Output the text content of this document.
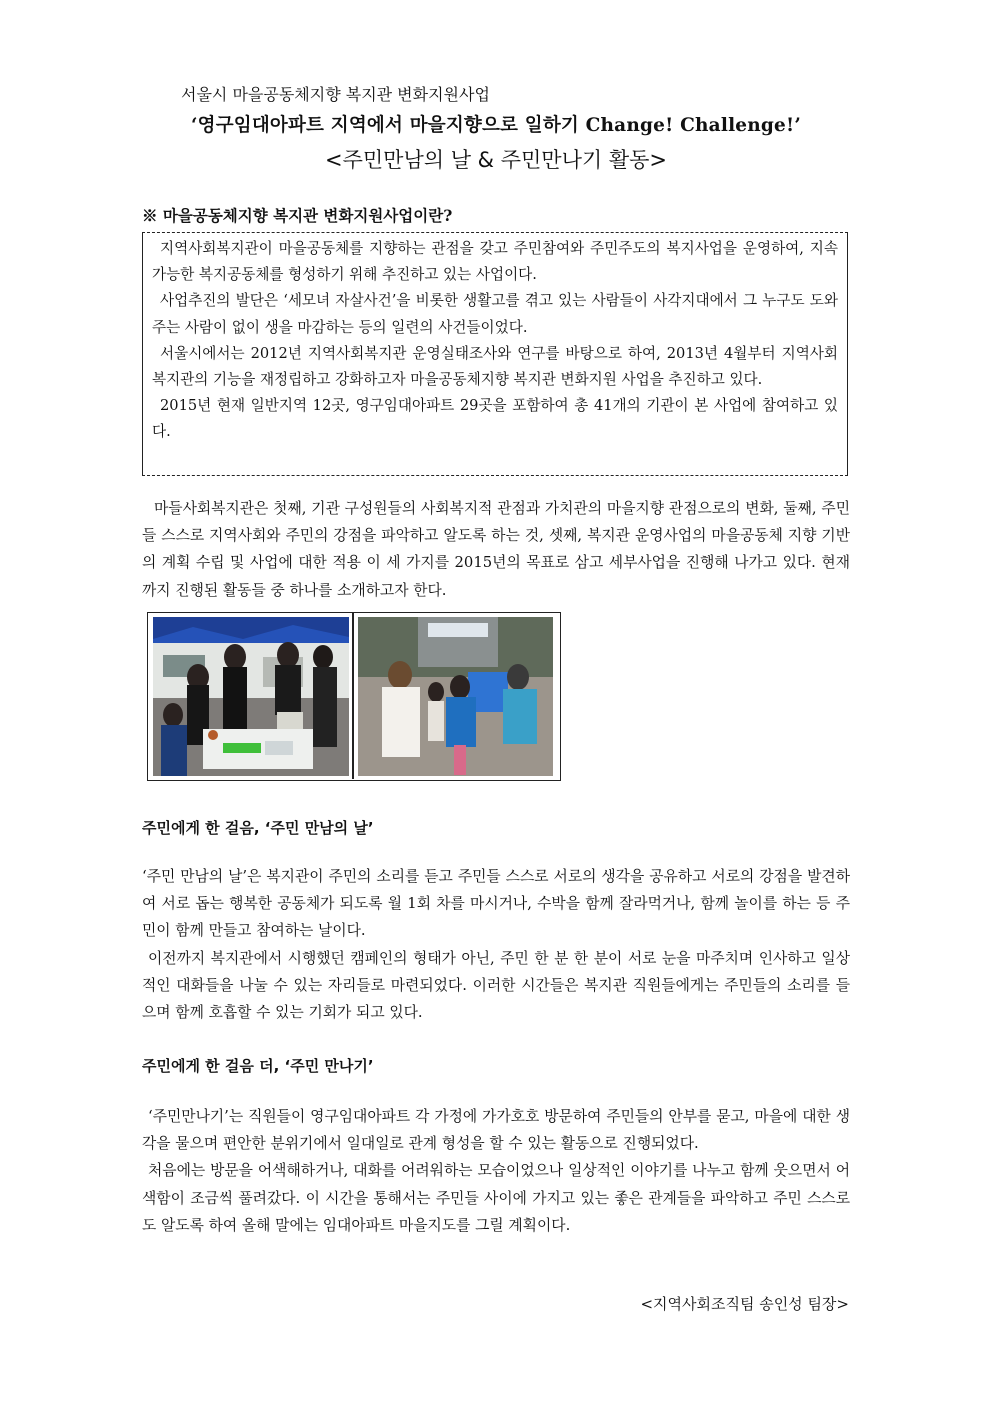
서울시 마을공동체지향 복지관 변화지원사업
‘영구임대아파트 지역에서 마을지향으로 일하기 Change! Challenge!’
<주민만남의 날 & 주민만나기 활동>
※ 마을공동체지향 복지관 변화지원사업이란?

지역사회복지관이 마을공동체를 지향하는 관점을 갖고 주민참여와 주민주도의 복지사업을 운영하여, 지속가능한 복지공동체를 형성하기 위해 추진하고 있는 사업이다.

사업추진의 발단은 ‘세모녀 자살사건’을 비롯한 생활고를 겪고 있는 사람들이 사각지대에서 그 누구도 도와주는 사람이 없이 생을 마감하는 등의 일련의 사건들이었다.

서울시에서는 2012년 지역사회복지관 운영실태조사와 연구를 바탕으로 하여, 2013년 4월부터 지역사회복지관의 기능을 재정립하고 강화하고자 마을공동체지향 복지관 변화지원 사업을 추진하고 있다.

2015년 현재 일반지역 12곳, 영구임대아파트 29곳을 포함하여 총 41개의 기관이 본 사업에 참여하고 있다.

마들사회복지관은 첫째, 기관 구성원들의 사회복지적 관점과 가치관의 마을지향 관점으로의 변화, 둘째, 주민들 스스로 지역사회와 주민의 강점을 파악하고 알도록 하는 것, 셋째, 복지관 운영사업의 마을공동체 지향 기반의 계획 수립 및 사업에 대한 적용 이 세 가지를 2015년의 목표로 삼고 세부사업을 진행해 나가고 있다. 현재까지 진행된 활동들 중 하나를 소개하고자 한다.
주민에게 한 걸음, ‘주민 만남의 날’

‘주민 만남의 날’은 복지관이 주민의 소리를 듣고 주민들 스스로 서로의 생각을 공유하고 서로의 강점을 발견하여 서로 돕는 행복한 공동체가 되도록 월 1회 차를 마시거나, 수박을 함께 잘라먹거나, 함께 놀이를 하는 등 주민이 함께 만들고 참여하는 날이다.

이전까지 복지관에서 시행했던 캠페인의 형태가 아닌, 주민 한 분 한 분이 서로 눈을 마주치며 인사하고 일상적인 대화들을 나눌 수 있는 자리들로 마련되었다. 이러한 시간들은 복지관 직원들에게는 주민들의 소리를 들으며 함께 호흡할 수 있는 기회가 되고 있다.

주민에게 한 걸음 더, ‘주민 만나기’

‘주민만나기’는 직원들이 영구임대아파트 각 가정에 가가호호 방문하여 주민들의 안부를 묻고, 마을에 대한 생각을 물으며 편안한 분위기에서 일대일로 관계 형성을 할 수 있는 활동으로 진행되었다.

처음에는 방문을 어색해하거나, 대화를 어려워하는 모습이었으나 일상적인 이야기를 나누고 함께 웃으면서 어색함이 조금씩 풀려갔다. 이 시간을 통해서는 주민들 사이에 가지고 있는 좋은 관계들을 파악하고 주민 스스로도 알도록 하여 올해 말에는 임대아파트 마을지도를 그릴 계획이다.

<지역사회조직팀 송인성 팀장>
